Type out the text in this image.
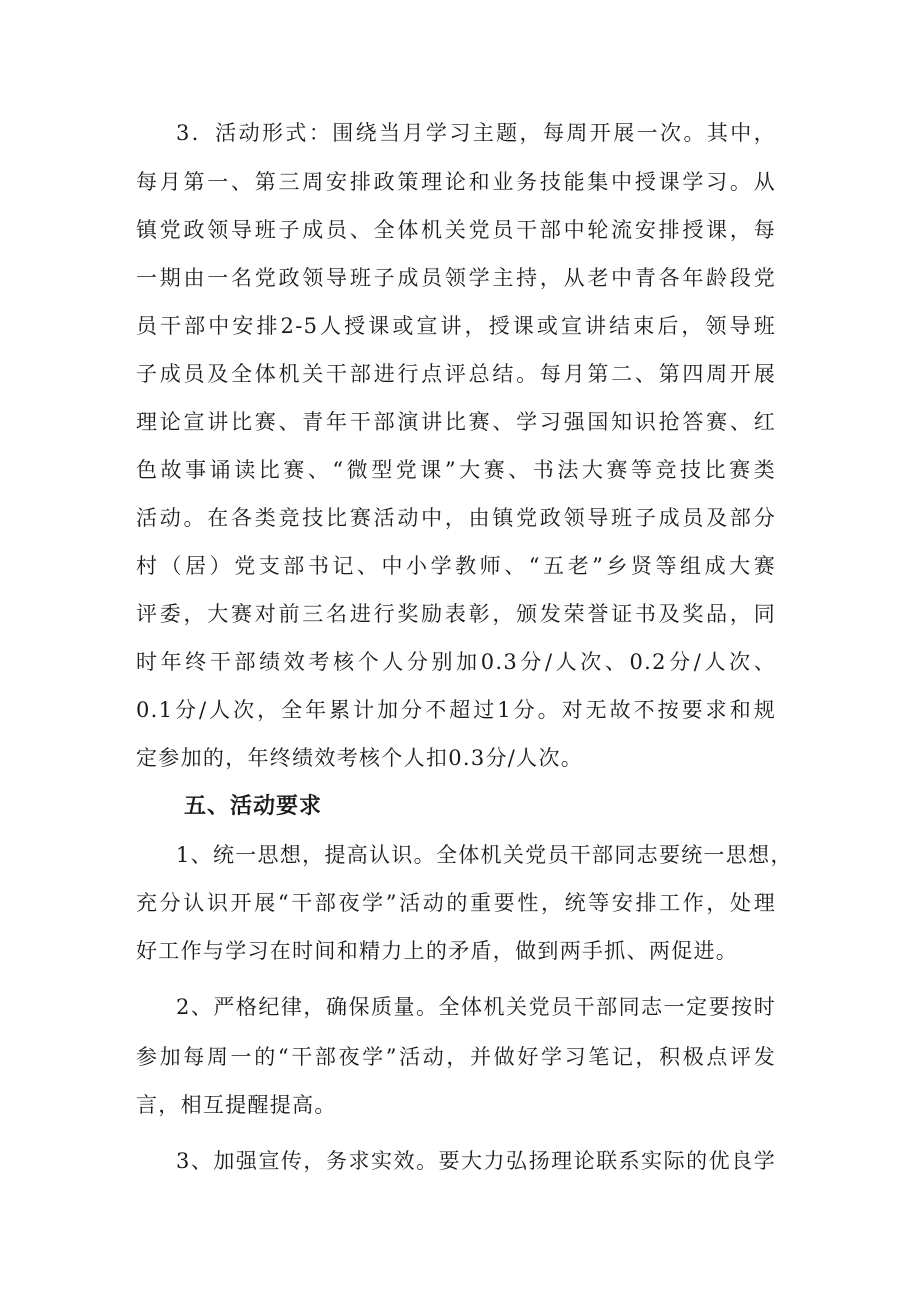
3．活动形式：围绕当月学习主题，每周开展一次。其中，
每月第一、第三周安排政策理论和业务技能集中授课学习。从
镇党政领导班子成员、全体机关党员干部中轮流安排授课，每
一期由一名党政领导班子成员领学主持，从老中青各年龄段党
员干部中安排2-5人授课或宣讲，授课或宣讲结束后，领导班
子成员及全体机关干部进行点评总结。每月第二、第四周开展
理论宣讲比赛、青年干部演讲比赛、学习强国知识抢答赛、红
色故事诵读比赛、“微型党课”大赛、书法大赛等竞技比赛类
活动。在各类竞技比赛活动中，由镇党政领导班子成员及部分
村（居）党支部书记、中小学教师、“五老”乡贤等组成大赛
评委，大赛对前三名进行奖励表彰，颁发荣誉证书及奖品，同
时年终干部绩效考核个人分别加0.3分/人次、0.2分/人次、
0.1分/人次，全年累计加分不超过1分。对无故不按要求和规
定参加的，年终绩效考核个人扣0.3分/人次。
五、活动要求
1、统一思想，提高认识。全体机关党员干部同志要统一思想，
充分认识开展“干部夜学”活动的重要性，统等安排工作，处理
好工作与学习在时间和精力上的矛盾，做到两手抓、两促进。
2、严格纪律，确保质量。全体机关党员干部同志一定要按时
参加每周一的“干部夜学”活动，并做好学习笔记，积极点评发
言，相互提醒提高。
3、加强宣传，务求实效。要大力弘扬理论联系实际的优良学
